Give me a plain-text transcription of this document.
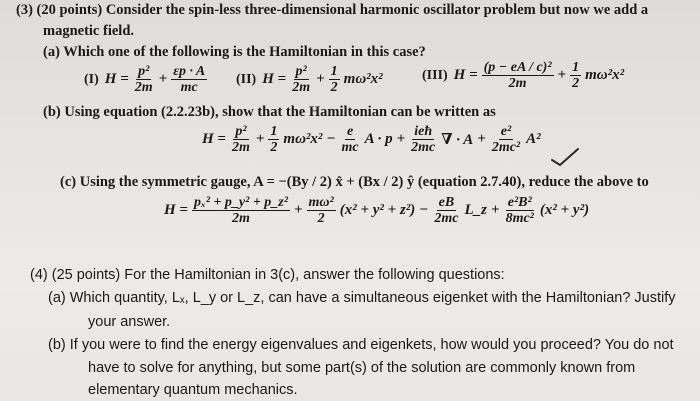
(3) (20 points) Consider the spin-less three-dimensional harmonic oscillator problem but now we add a
magnetic field.
(a) Which one of the following is the Hamiltonian in this case?
(I) $H = \frac{\text{p²}}{2m} + \frac{\varepsilon p \cdot A}{mc} (II) H = \frac{\text{p²}}{2m} + \frac{1}{2} m\omega^2x^2$	(III) $H = \frac{\text{(p − eA / c)²}}{2m} + \frac{1}{2} m\omega^2x^2$
(b) Using equation (2.2.23b), show that the Hamiltonian can be written as
$H = \frac{\text{p²}}{2m} + \frac{1}{2} m\omega^2x^2 - \frac{e}{mc}$ $A \cdot p + \frac{\text{ieħ}}{2mc}$ ∇ · $A + \frac{\text{e²}}{\text{2mc²}} A^2$
(c) Using the symmetric gauge, A = −(By / 2) x̂ + (Bx / 2) ŷ (equation 2.7.40), reduce the above to
$H = \frac{\text{pₓ² + p\_y² + p\_z²}}{2m} + \frac{\text{mω²}}{2} (x^2 + y^2 + z^2) - \frac{eB}{2mc}$ L_z + $\frac{\text{e²B²}}{\text{8mc²}} (x^2 + y^2)$
(4) (25 points) For the Hamiltonian in 3(c), answer the following questions:
(a) Which quantity, Lₓ, L_y or L_z, can have a simultaneous eigenket with the Hamiltonian? Justify
your answer.
(b) If you were to find the energy eigenvalues and eigenkets, how would you proceed? You do not
have to solve for anything, but some part(s) of the solution are commonly known from
elementary quantum mechanics.
